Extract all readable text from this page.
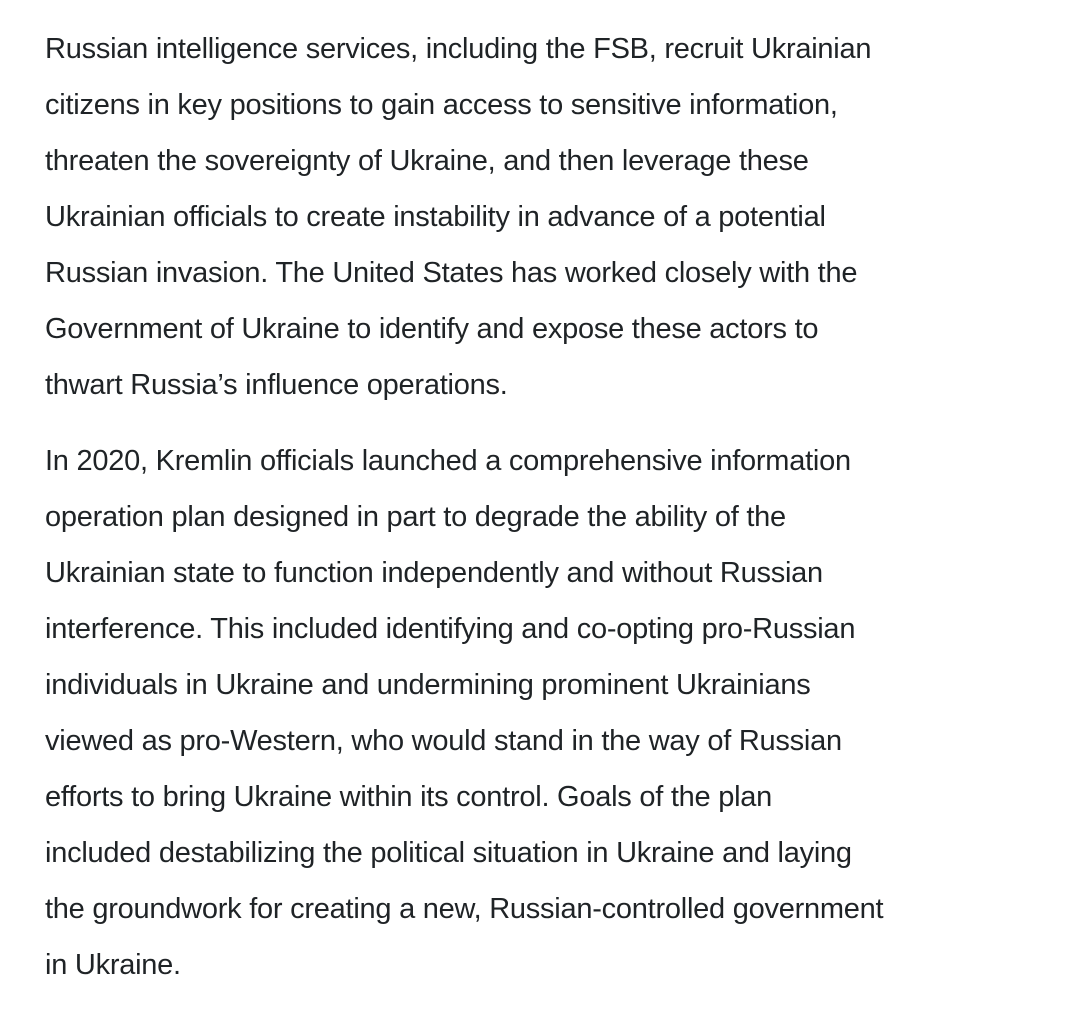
Russian intelligence services, including the FSB, recruit Ukrainian
citizens in key positions to gain access to sensitive information,
threaten the sovereignty of Ukraine, and then leverage these
Ukrainian officials to create instability in advance of a potential
Russian invasion. The United States has worked closely with the
Government of Ukraine to identify and expose these actors to
thwart Russia’s influence operations.

In 2020, Kremlin officials launched a comprehensive information
operation plan designed in part to degrade the ability of the
Ukrainian state to function independently and without Russian
interference. This included identifying and co-opting pro-Russian
individuals in Ukraine and undermining prominent Ukrainians
viewed as pro-Western, who would stand in the way of Russian
efforts to bring Ukraine within its control. Goals of the plan
included destabilizing the political situation in Ukraine and laying
the groundwork for creating a new, Russian-controlled government
in Ukraine.
